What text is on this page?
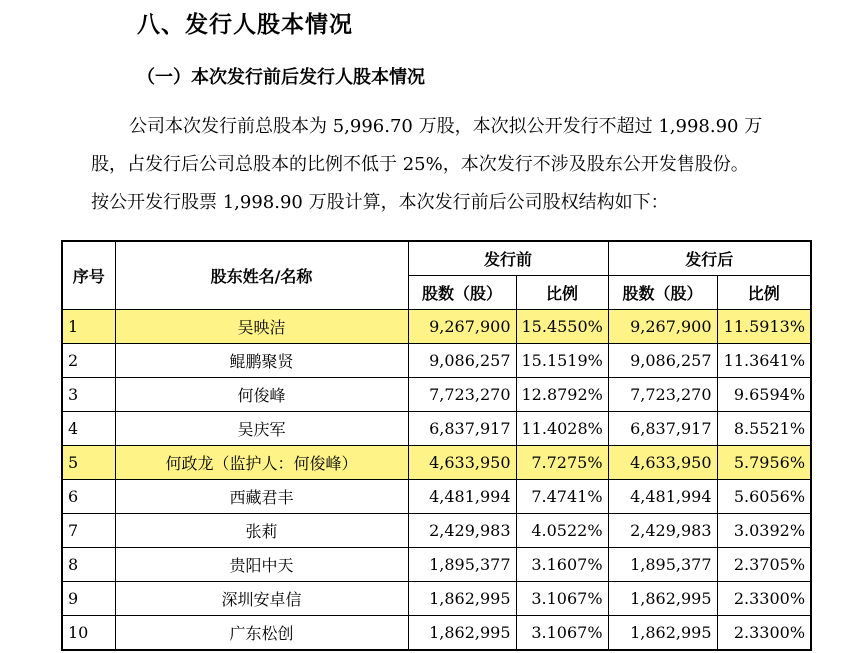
八、发行人股本情况
（一）本次发行前后发行人股本情况
公司本次发行前总股本为 5,996.70 万股，本次拟公开发行不超过 1,998.90 万
股，占发行后公司总股本的比例不低于 25%，本次发行不涉及股东公开发售股份。
按公开发行股票 1,998.90 万股计算，本次发行前后公司股权结构如下：
序号	股东姓名/名称	发行前		发行后	
		股数（股）	比例	股数（股）	比例
1	吴映洁	9,267,900	15.4550%	9,267,900	11.5913%
2	鲲鹏聚贤	9,086,257	15.1519%	9,086,257	11.3641%
3	何俊峰	7,723,270	12.8792%	7,723,270	9.6594%
4	吴庆军	6,837,917	11.4028%	6,837,917	8.5521%
5	何政龙（监护人：何俊峰）	4,633,950	7.7275%	4,633,950	5.7956%
6	西藏君丰	4,481,994	7.4741%	4,481,994	5.6056%
7	张莉	2,429,983	4.0522%	2,429,983	3.0392%
8	贵阳中天	1,895,377	3.1607%	1,895,377	2.3705%
9	深圳安卓信	1,862,995	3.1067%	1,862,995	2.3300%
10	广东松创	1,862,995	3.1067%	1,862,995	2.3300%
